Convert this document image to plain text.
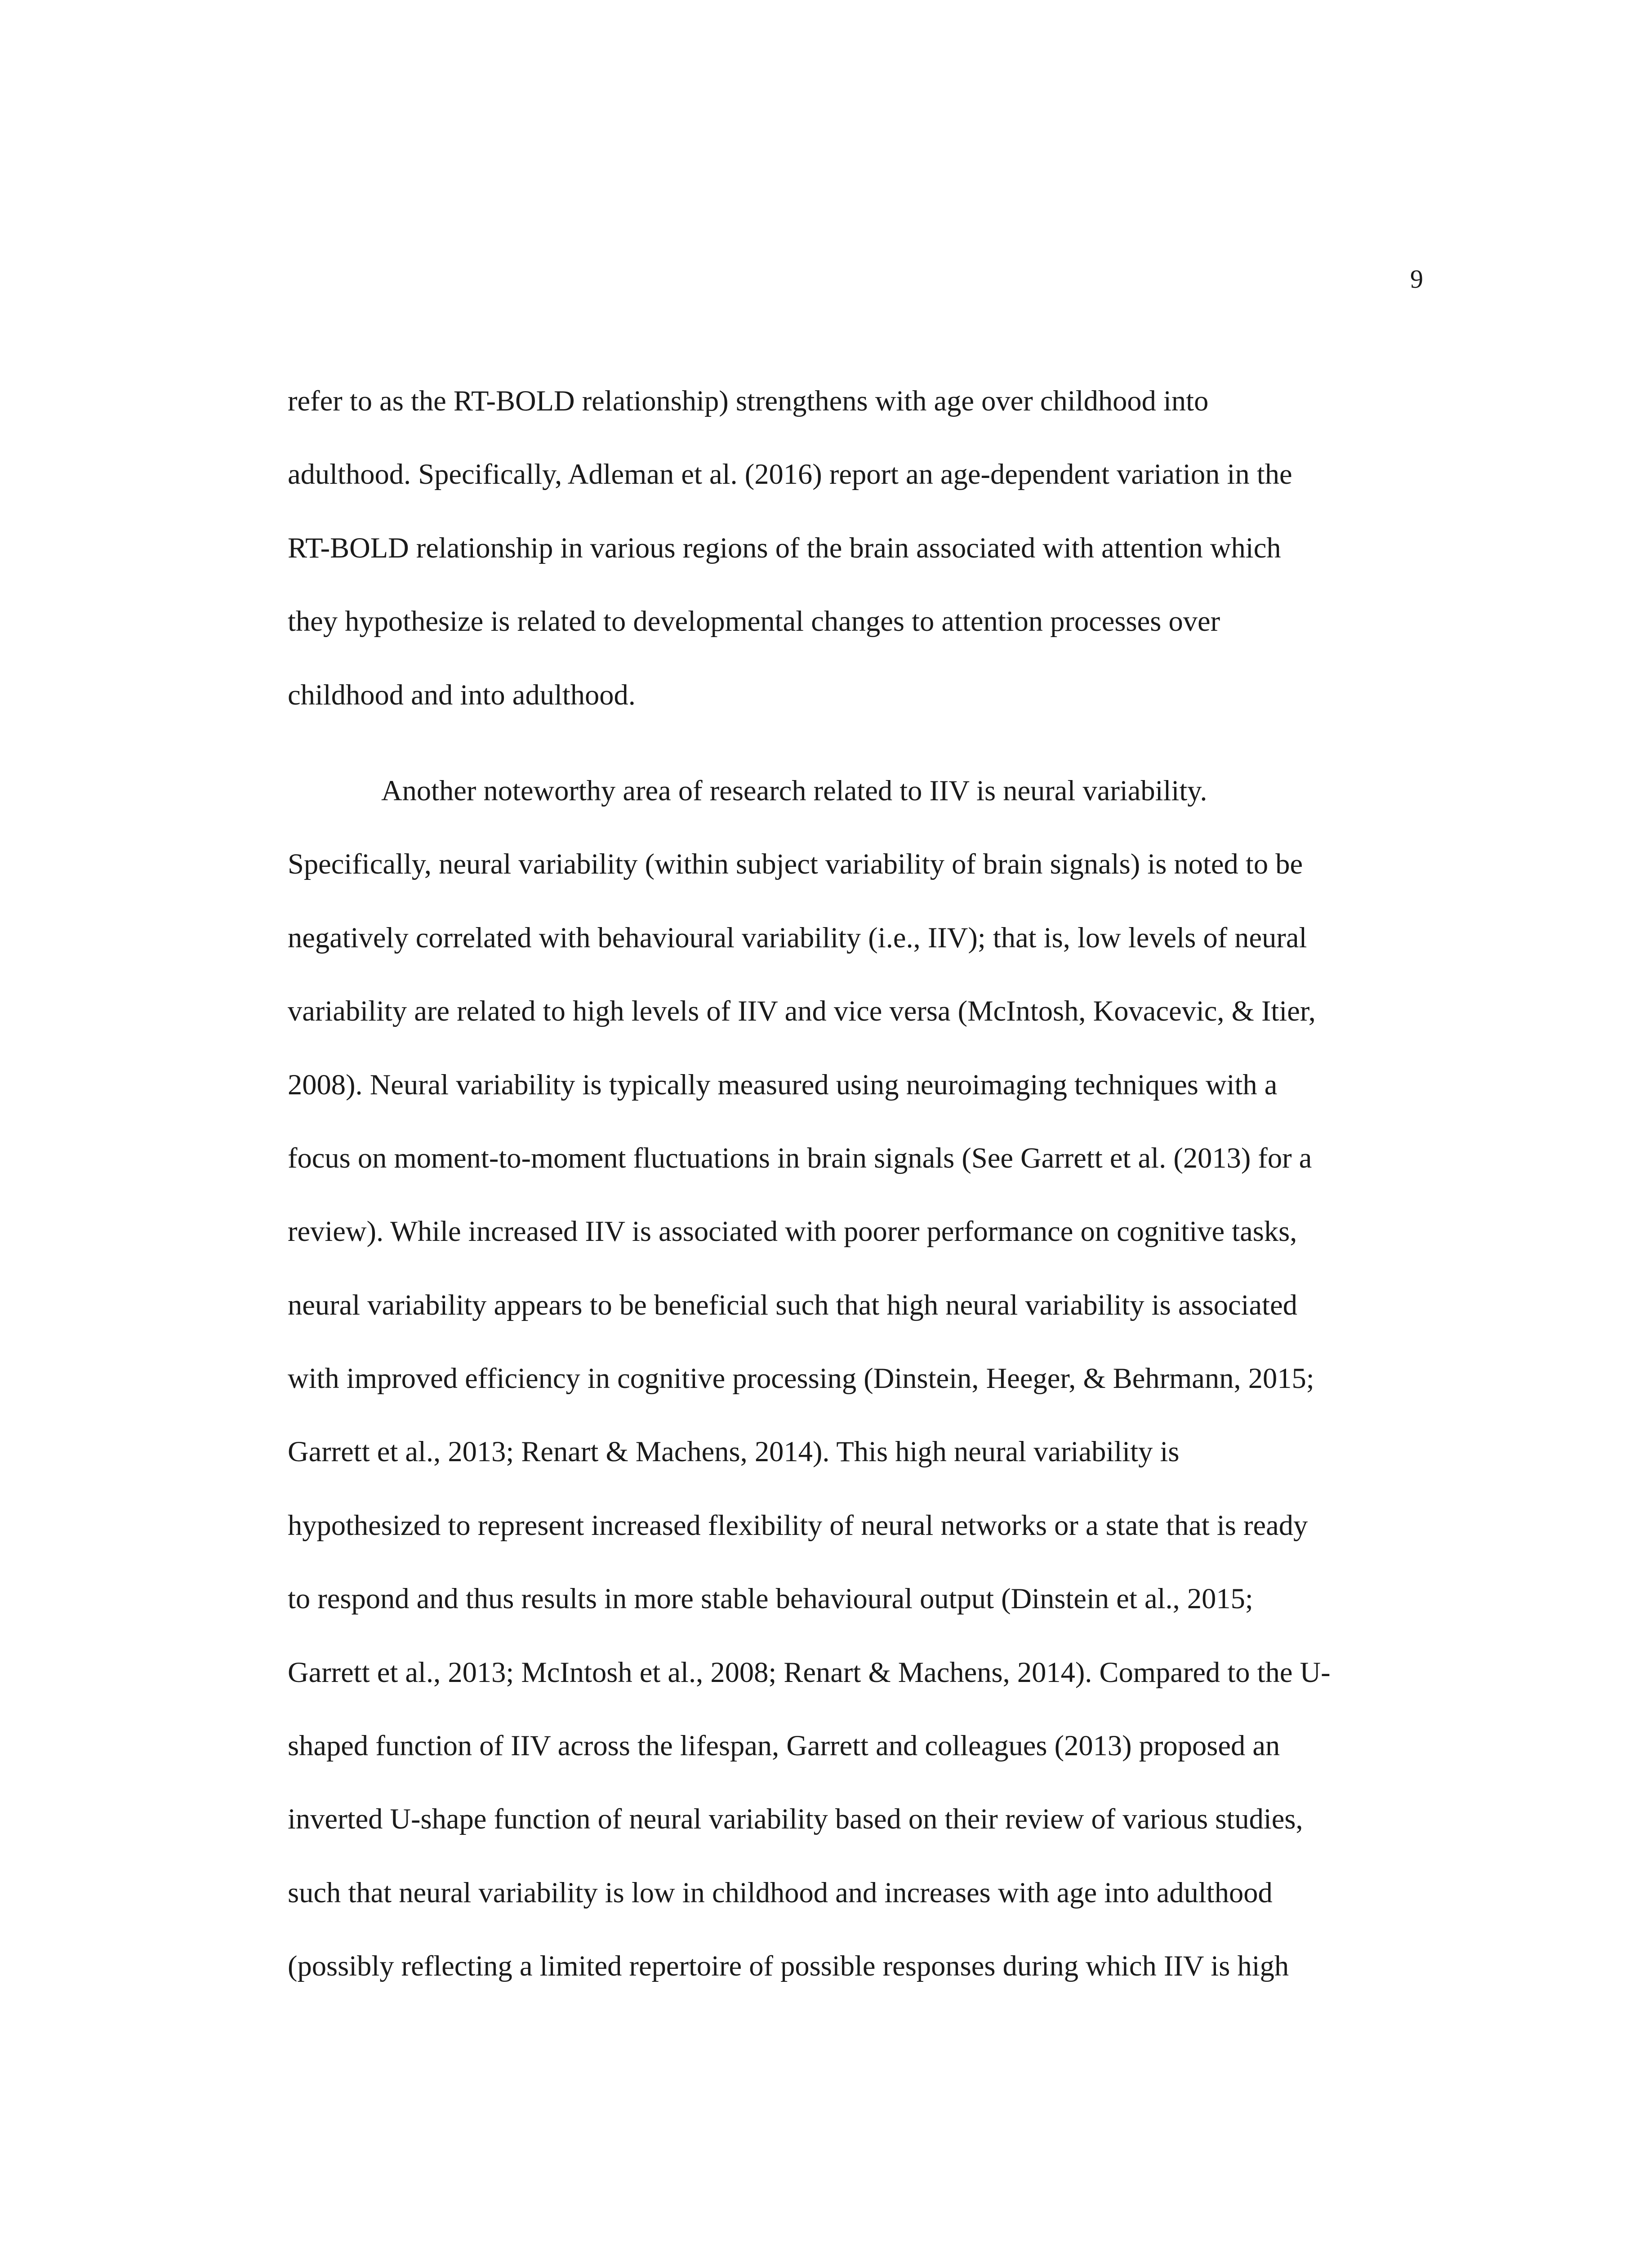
9
refer to as the RT-BOLD relationship) strengthens with age over childhood into
adulthood. Specifically, Adleman et al. (2016) report an age-dependent variation in the
RT-BOLD relationship in various regions of the brain associated with attention which
they hypothesize is related to developmental changes to attention processes over
childhood and into adulthood.
Another noteworthy area of research related to IIV is neural variability.
Specifically, neural variability (within subject variability of brain signals) is noted to be
negatively correlated with behavioural variability (i.e., IIV); that is, low levels of neural
variability are related to high levels of IIV and vice versa (McIntosh, Kovacevic, & Itier,
2008). Neural variability is typically measured using neuroimaging techniques with a
focus on moment-to-moment fluctuations in brain signals (See Garrett et al. (2013) for a
review). While increased IIV is associated with poorer performance on cognitive tasks,
neural variability appears to be beneficial such that high neural variability is associated
with improved efficiency in cognitive processing (Dinstein, Heeger, & Behrmann, 2015;
Garrett et al., 2013; Renart & Machens, 2014). This high neural variability is
hypothesized to represent increased flexibility of neural networks or a state that is ready
to respond and thus results in more stable behavioural output (Dinstein et al., 2015;
Garrett et al., 2013; McIntosh et al., 2008; Renart & Machens, 2014). Compared to the U-
shaped function of IIV across the lifespan, Garrett and colleagues (2013) proposed an
inverted U-shape function of neural variability based on their review of various studies,
such that neural variability is low in childhood and increases with age into adulthood
(possibly reflecting a limited repertoire of possible responses during which IIV is high
